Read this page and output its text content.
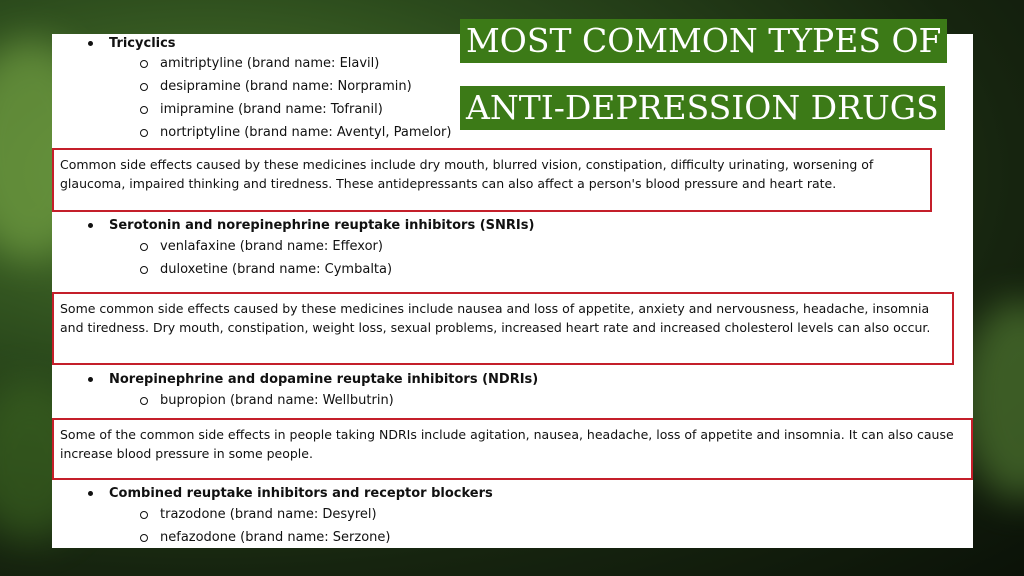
Tricyclics
amitriptyline (brand name: Elavil)
desipramine (brand name: Norpramin)
imipramine (brand name: Tofranil)
nortriptyline (brand name: Aventyl, Pamelor)
Common side effects caused by these medicines include dry mouth, blurred vision, constipation, difficulty urinating, worsening of glaucoma, impaired thinking and tiredness. These antidepressants can also affect a person's blood pressure and heart rate.
Serotonin and norepinephrine reuptake inhibitors (SNRIs)
venlafaxine (brand name: Effexor)
duloxetine (brand name: Cymbalta)
Some common side effects caused by these medicines include nausea and loss of appetite, anxiety and nervousness, headache, insomnia and tiredness. Dry mouth, constipation, weight loss, sexual problems, increased heart rate and increased cholesterol levels can also occur.
Norepinephrine and dopamine reuptake inhibitors (NDRIs)
bupropion (brand name: Wellbutrin)
Some of the common side effects in people taking NDRIs include agitation, nausea, headache, loss of appetite and insomnia. It can also cause increase blood pressure in some people.
Combined reuptake inhibitors and receptor blockers
trazodone (brand name: Desyrel)
nefazodone (brand name: Serzone)
MOST COMMON TYPES OF
ANTI-DEPRESSION DRUGS
